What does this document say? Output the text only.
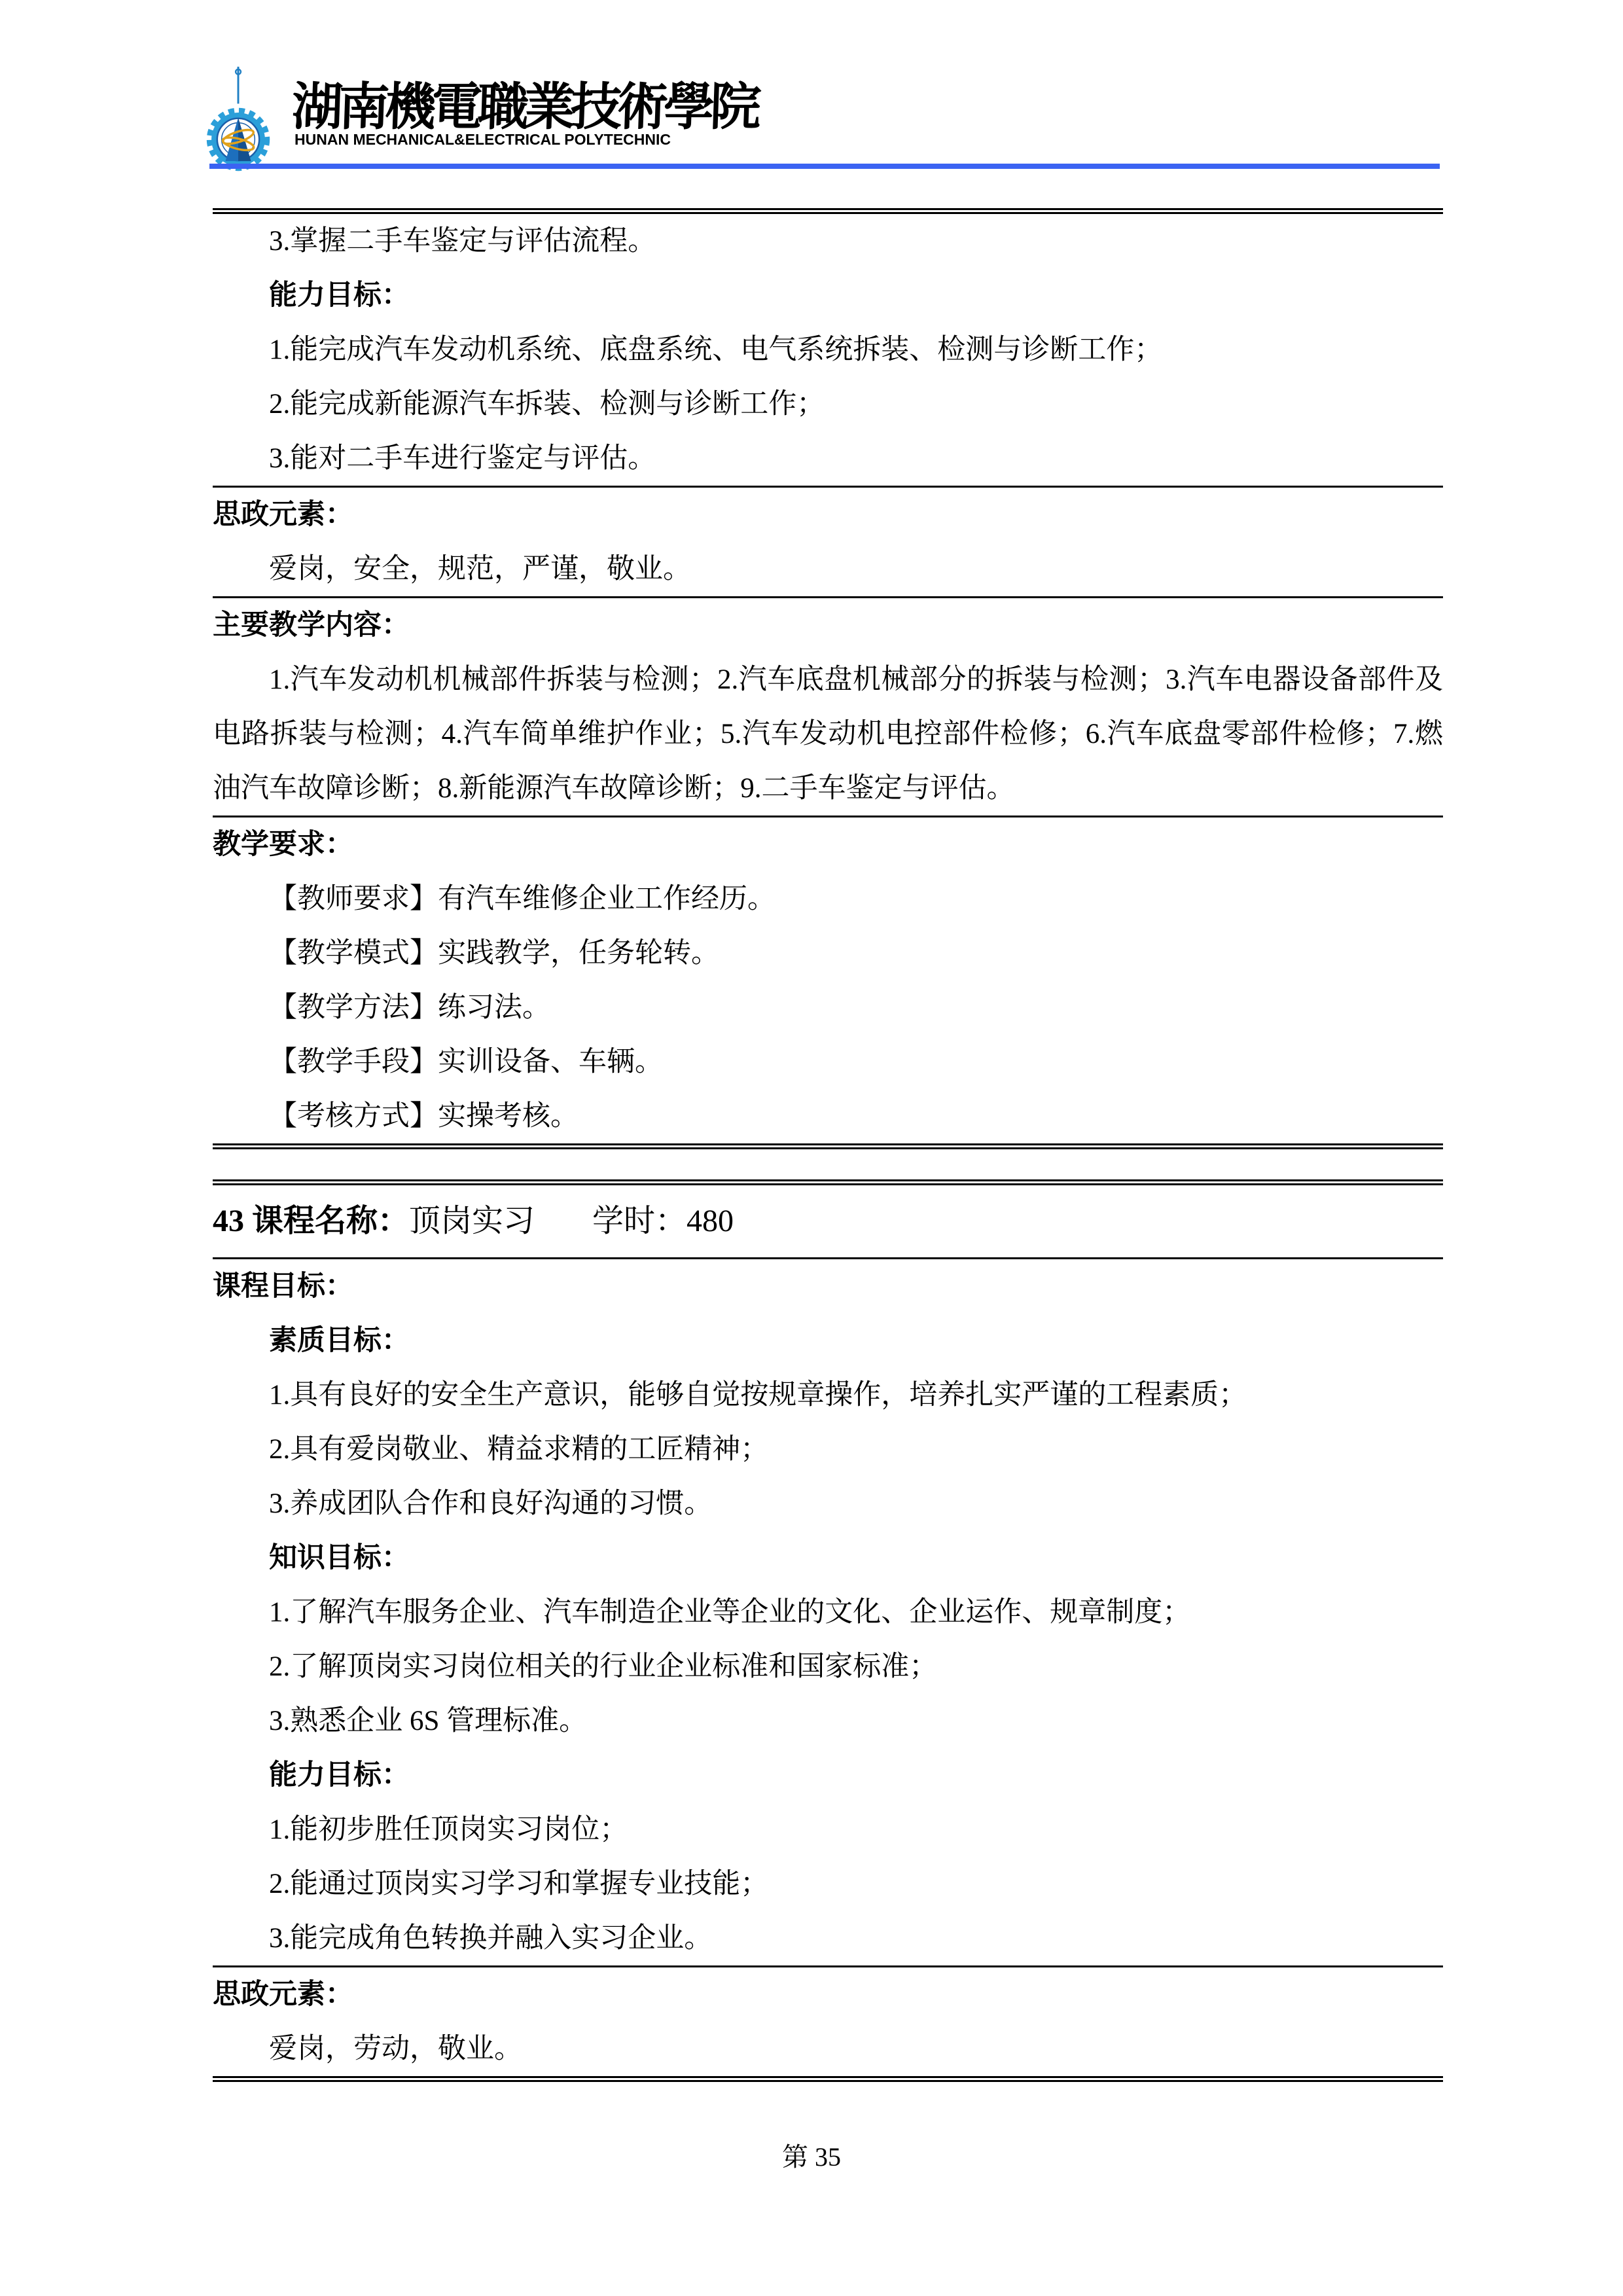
湖南機電職業技術學院
HUNAN MECHANICAL&ELECTRICAL POLYTECHNIC

3.掌握二手车鉴定与评估流程。

能力目标：

1.能完成汽车发动机系统、底盘系统、电气系统拆装、检测与诊断工作；

2.能完成新能源汽车拆装、检测与诊断工作；

3.能对二手车进行鉴定与评估。

思政元素：

爱岗，安全，规范，严谨，敬业。

主要教学内容：

1.汽车发动机机械部件拆装与检测；2.汽车底盘机械部分的拆装与检测；3.汽车电器设备部件及电路拆装与检测；4.汽车简单维护作业；5.汽车发动机电控部件检修；6.汽车底盘零部件检修；7.燃油汽车故障诊断；8.新能源汽车故障诊断；9.二手车鉴定与评估。

教学要求：

【教师要求】有汽车维修企业工作经历。

【教学模式】实践教学，任务轮转。

【教学方法】练习法。

【教学手段】实训设备、车辆。

【考核方式】实操考核。

43 课程名称：顶岗实习 学时：480

课程目标：

素质目标：

1.具有良好的安全生产意识，能够自觉按规章操作，培养扎实严谨的工程素质；

2.具有爱岗敬业、精益求精的工匠精神；

3.养成团队合作和良好沟通的习惯。

知识目标：

1.了解汽车服务企业、汽车制造企业等企业的文化、企业运作、规章制度；

2.了解顶岗实习岗位相关的行业企业标准和国家标准；

3.熟悉企业 6S 管理标准。

能力目标：

1.能初步胜任顶岗实习岗位；

2.能通过顶岗实习学习和掌握专业技能；

3.能完成角色转换并融入实习企业。

思政元素：

爱岗，劳动，敬业。

第 35
